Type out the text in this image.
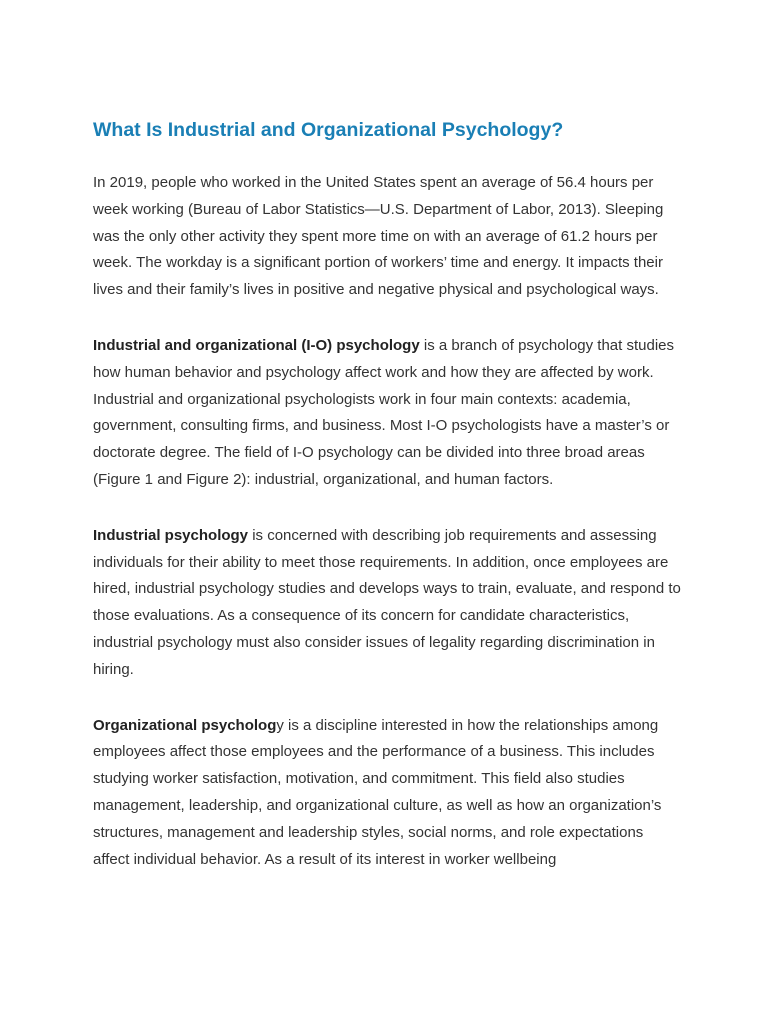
What Is Industrial and Organizational Psychology?

In 2019, people who worked in the United States spent an average of 56.4 hours per week working (Bureau of Labor Statistics—U.S. Department of Labor, 2013). Sleeping was the only other activity they spent more time on with an average of 61.2 hours per week. The workday is a significant portion of workers’ time and energy. It impacts their lives and their family’s lives in positive and negative physical and psychological ways.

Industrial and organizational (I-O) psychology is a branch of psychology that studies how human behavior and psychology affect work and how they are affected by work. Industrial and organizational psychologists work in four main contexts: academia, government, consulting firms, and business. Most I-O psychologists have a master’s or doctorate degree. The field of I-O psychology can be divided into three broad areas (Figure 1 and Figure 2): industrial, organizational, and human factors.

Industrial psychology is concerned with describing job requirements and assessing individuals for their ability to meet those requirements. In addition, once employees are hired, industrial psychology studies and develops ways to train, evaluate, and respond to those evaluations. As a consequence of its concern for candidate characteristics, industrial psychology must also consider issues of legality regarding discrimination in hiring.

Organizational psychology is a discipline interested in how the relationships among employees affect those employees and the performance of a business. This includes studying worker satisfaction, motivation, and commitment. This field also studies management, leadership, and organizational culture, as well as how an organization’s structures, management and leadership styles, social norms, and role expectations affect individual behavior. As a result of its interest in worker wellbeing
